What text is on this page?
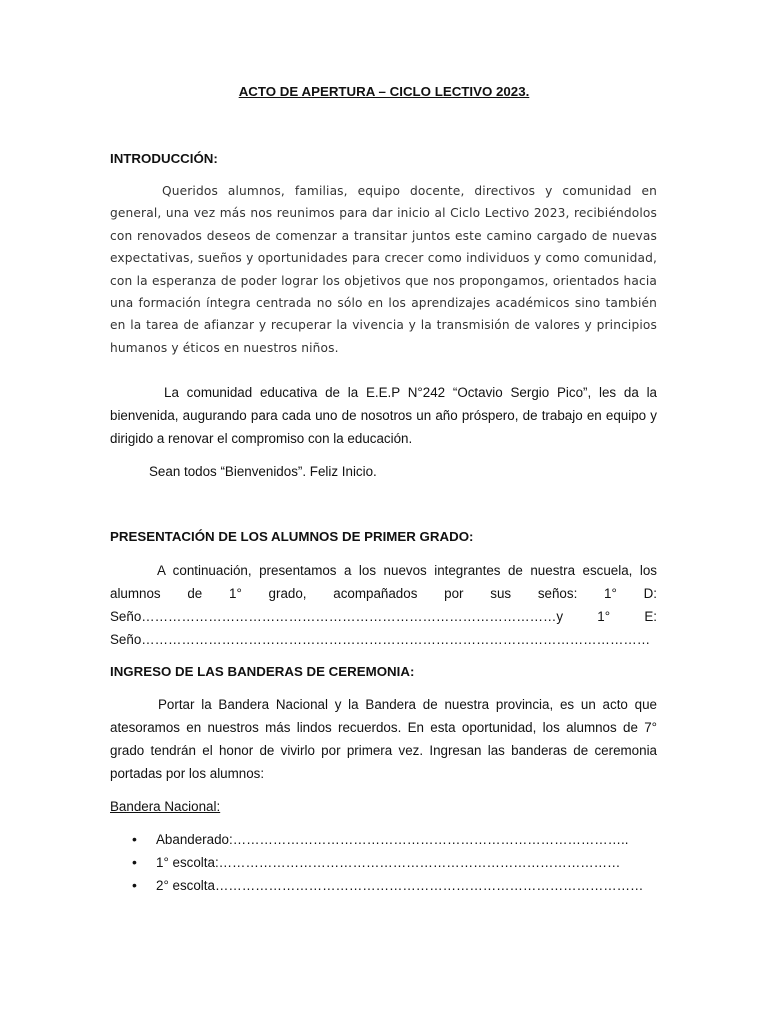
ACTO DE APERTURA – CICLO LECTIVO 2023.
INTRODUCCIÓN:

Queridos alumnos, familias, equipo docente, directivos y comunidad en general, una vez más nos reunimos para dar inicio al Ciclo Lectivo 2023, recibiéndolos con renovados deseos de comenzar a transitar juntos este camino cargado de nuevas expectativas, sueños y oportunidades para crecer como individuos y como comunidad, con la esperanza de poder lograr los objetivos que nos propongamos, orientados hacia una formación íntegra centrada no sólo en los aprendizajes académicos sino también en la tarea de afianzar y recuperar la vivencia y la transmisión de valores y principios humanos y éticos en nuestros niños.

La comunidad educativa de la E.E.P N°242 “Octavio Sergio Pico”, les da la bienvenida, augurando para cada uno de nosotros un año próspero, de trabajo en equipo y dirigido a renovar el compromiso con la educación.

Sean todos “Bienvenidos”. Feliz Inicio.

PRESENTACIÓN DE LOS ALUMNOS DE PRIMER GRADO:

A continuación, presentamos a los nuevos integrantes de nuestra escuela, los alumnos de 1° grado, acompañados por sus seños: 1° D: Seño…………………………………………………………………………………y 1° E: Seño……………………………………………………………………………………………………

INGRESO DE LAS BANDERAS DE CEREMONIA:

Portar la Bandera Nacional y la Bandera de nuestra provincia, es un acto que atesoramos en nuestros más lindos recuerdos. En esta oportunidad, los alumnos de 7° grado tendrán el honor de vivirlo por primera vez. Ingresan las banderas de ceremonia portadas por los alumnos:

Bandera Nacional:
• Abanderado:……………………………………………………………………………..
• 1° escolta:………………………………………………………………………………
• 2° escolta……………………………………………………………………………………
